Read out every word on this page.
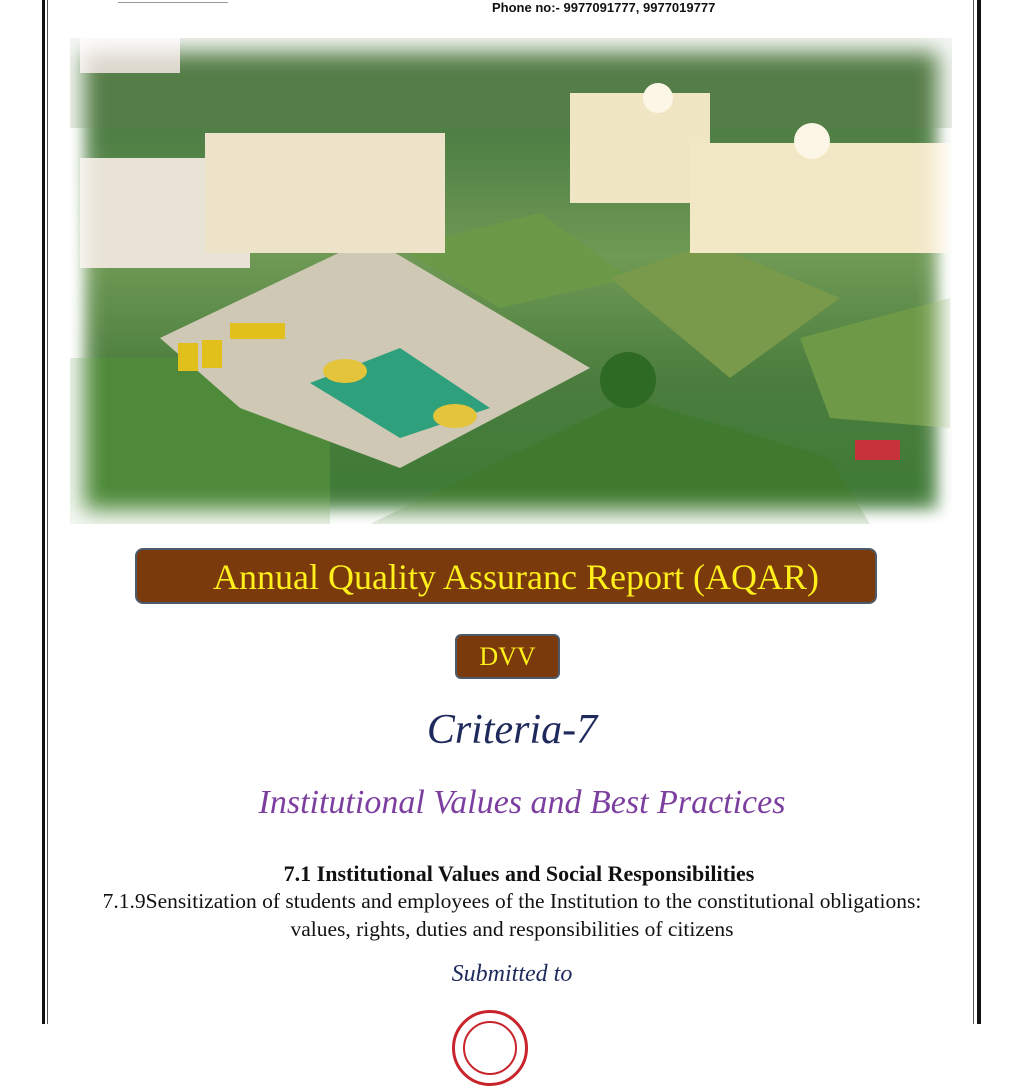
Phone no:- 9977091777, 9977019777
Annual Quality Assuranc Report (AQAR)
DVV
Criteria-7
Institutional Values and Best Practices
7.1 Institutional Values and Social Responsibilities
7.1.9Sensitization of students and employees of the Institution to the constitutional obligations: values, rights, duties and responsibilities of citizens
Submitted to
